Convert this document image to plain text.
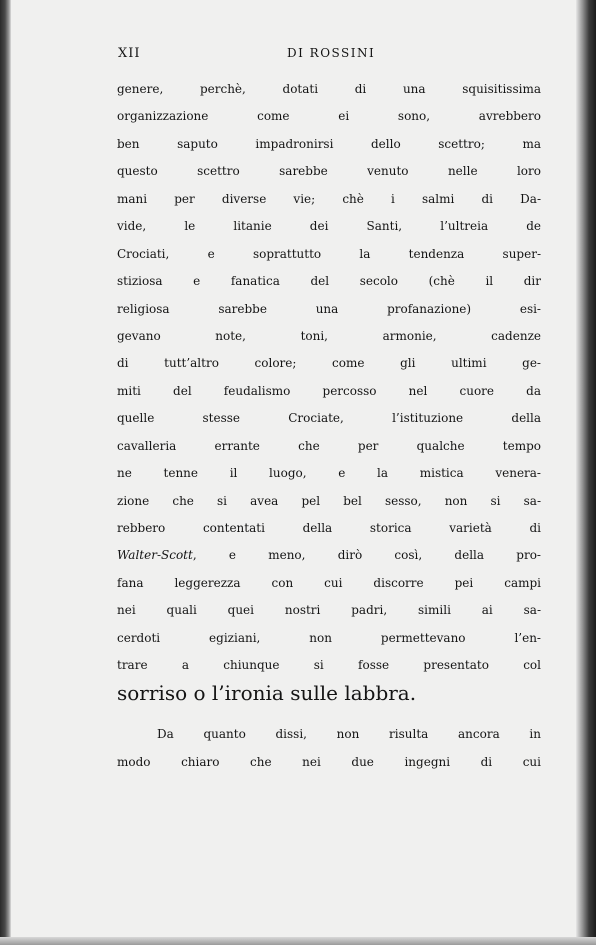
XII	DI ROSSINI
genere, perchè, dotati di una squisitissima
organizzazione come ei sono, avrebbero
ben saputo impadronirsi dello scettro; ma
questo scettro sarebbe venuto nelle loro
mani per diverse vie; chè i salmi di Da-
vide, le litanie dei Santi, l’ultreia de
Crociati, e soprattutto la tendenza super-
stiziosa e fanatica del secolo (chè il dir
religiosa sarebbe una profanazione) esi-
gevano note, toni, armonie, cadenze
di tutt’altro colore; come gli ultimi ge-
miti del feudalismo percosso nel cuore da
quelle stesse Crociate, l’istituzione della
cavalleria errante che per qualche tempo
ne tenne il luogo, e la mistica venera-
zione che si avea pel bel sesso, non si sa-
rebbero contentati della storica varietà di
Walter-Scott, e meno, dirò così, della pro-
fana leggerezza con cui discorre pei campi
nei quali quei nostri padri, simili ai sa-
cerdoti egiziani, non permettevano l’en-
trare a chiunque si fosse presentato col
sorriso o l’ironia sulle labbra.
Da quanto dissi, non risulta ancora in
modo chiaro che nei due ingegni di cui
